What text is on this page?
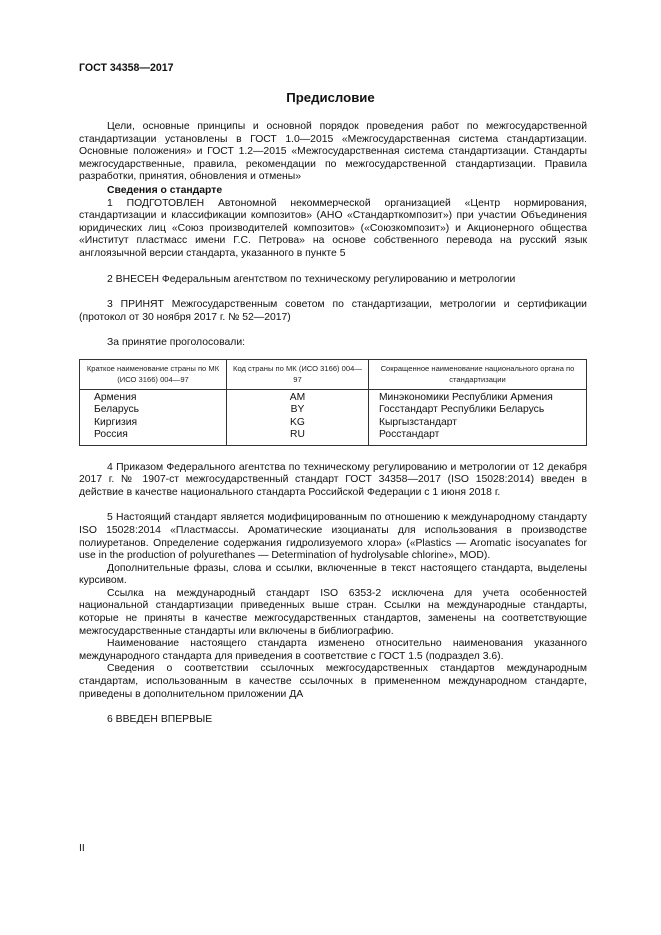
ГОСТ 34358—2017
Предисловие

Цели, основные принципы и основной порядок проведения работ по межгосударственной стандартизации установлены в ГОСТ 1.0—2015 «Межгосударственная система стандартизации. Основные положения» и ГОСТ 1.2—2015 «Межгосударственная система стандартизации. Стандарты межгосударственные, правила, рекомендации по межгосударственной стандартизации. Правила разработки, принятия, обновления и отмены»

Сведения о стандарте

1 ПОДГОТОВЛЕН Автономной некоммерческой организацией «Центр нормирования, стандартизации и классификации композитов» (АНО «Стандарткомпозит») при участии Объединения юридических лиц «Союз производителей композитов» («Союзкомпозит») и Акционерного общества «Институт пластмасс имени Г.С. Петрова» на основе собственного перевода на русский язык англоязычной версии стандарта, указанного в пункте 5

2 ВНЕСЕН Федеральным агентством по техническому регулированию и метрологии

3 ПРИНЯТ Межгосударственным советом по стандартизации, метрологии и сертификации (протокол от 30 ноября 2017 г. № 52—2017)

За принятие проголосовали:

Краткое наименование страны по МК (ИСО 3166) 004—97	Код страны по МК (ИСО 3166) 004—97	Сокращенное наименование национального органа по стандартизации
Армения	AM	Минэкономики Республики Армения
Беларусь	BY	Госстандарт Республики Беларусь
Киргизия	KG	Кыргызстандарт
Россия	RU	Росстандарт

4 Приказом Федерального агентства по техническому регулированию и метрологии от 12 декабря 2017 г. № 1907-ст межгосударственный стандарт ГОСТ 34358—2017 (ISO 15028:2014) введен в действие в качестве национального стандарта Российской Федерации с 1 июня 2018 г.

5 Настоящий стандарт является модифицированным по отношению к международному стандарту ISO 15028:2014 «Пластмассы. Ароматические изоцианаты для использования в производстве полиуретанов. Определение содержания гидролизуемого хлора» («Plastics — Aromatic isocyanates for use in the production of polyurethanes — Determination of hydrolysable chlorine», MOD).

Дополнительные фразы, слова и ссылки, включенные в текст настоящего стандарта, выделены курсивом.

Ссылка на международный стандарт ISO 6353-2 исключена для учета особенностей национальной стандартизации приведенных выше стран. Ссылки на международные стандарты, которые не приняты в качестве межгосударственных стандартов, заменены на соответствующие межгосударственные стандарты или включены в библиографию.

Наименование настоящего стандарта изменено относительно наименования указанного международного стандарта для приведения в соответствие с ГОСТ 1.5 (подраздел 3.6).

Сведения о соответствии ссылочных межгосударственных стандартов международным стандартам, использованным в качестве ссылочных в примененном международном стандарте, приведены в дополнительном приложении ДА

6 ВВЕДЕН ВПЕРВЫЕ

II
